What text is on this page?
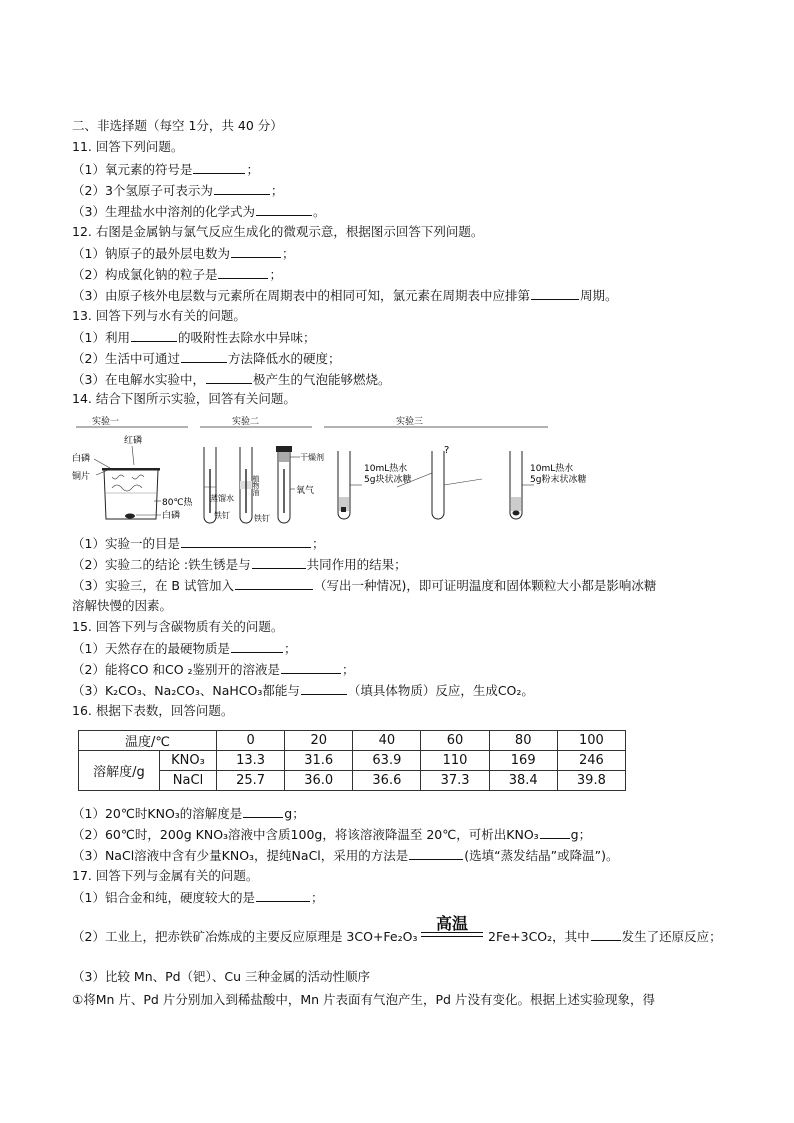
二、非选择题（每空 1分，共 40 分）
11. 回答下列问题。
（1）氧元素的符号是	；
（2）3个氢原子可表示为	；
（3）生理盐水中溶剂的化学式为	。
12. 右图是金属钠与氯气反应生成化的微观示意，根据图示回答下列问题。
（1）钠原子的最外层电数为	；
（2）构成氯化钠的粒子是	；
（3）由原子核外电层数与元素所在周期表中的相同可知，氯元素在周期表中应排第	周期。
13. 回答下列与水有关的问题。
（1）利用	的吸附性去除水中异味；
（2）生活中可通过	方法降低水的硬度；
（3）在电解水实验中，	极产生的气泡能够燃烧。
14. 结合下图所示实验，回答有关问题。
实验一	实验二	实验三
红磷
白磷
铜片
80℃热
白磷
蒸馏水
铁钉
植物油
铁钉
干燥剂
氧气
10mL热水 5g块状冰糖
?
10mL热水 5g粉末状冰糖
（1）实验一的目是	；
（2）实验二的结论 :铁生锈是与	共同作用的结果；
（3）实验三，在 B 试管加入	（写出一种情况)，即可证明温度和固体颗粒大小都是影响冰糖
溶解快慢的因素。
15. 回答下列与含碳物质有关的问题。
（1）天然存在的最硬物质是	；
（2）能将CO 和CO ₂鉴别开的溶液是	；
（3）K₂CO₃、Na₂CO₃、NaHCO₃都能与	（填具体物质）反应，生成CO₂。
16. 根据下表数，回答问题。
温度/℃		0	20	40	60	80	100
溶解度/g	KNO₃	13.3	31.6	63.9	110	169	246
	NaCl	25.7	36.0	36.6	37.3	38.4	39.8
（1）20℃时KNO₃的溶解度是	g；
（2）60℃时，200g KNO₃溶液中含质100g，将该溶液降温至 20℃，可析出KNO₃	g；
（3）NaCl溶液中含有少量KNO₃，提纯NaCl，采用的方法是	(选填“蒸发结晶”或降温”)。
17. 回答下列与金属有关的问题。
（1）铝合金和纯，硬度较大的是	；
（2）工业上，把赤铁矿冶炼成的主要反应原理是 3CO+Fe₂O₃
高温
2Fe+3CO₂，其中	发生了还原反应；
（3）比较 Mn、Pd（钯）、Cu 三种金属的活动性顺序
①将Mn 片、Pd 片分别加入到稀盐酸中，Mn 片表面有气泡产生，Pd 片没有变化。根据上述实验现象，得
